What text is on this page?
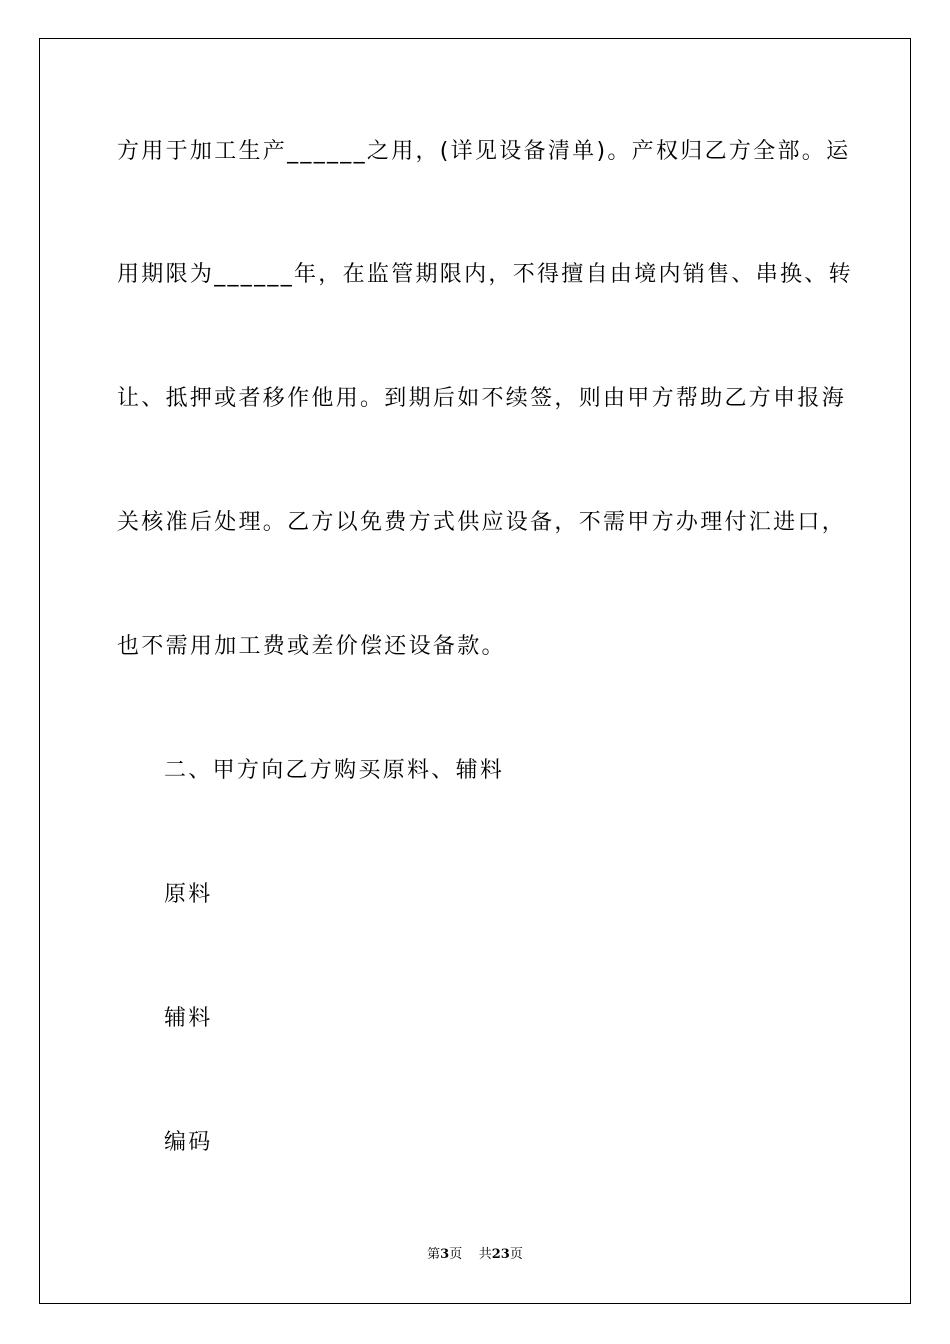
方用于加工生产______之用，(详见设备清单)。产权归乙方全部。运
用期限为______年，在监管期限内，不得擅自由境内销售、串换、转
让、抵押或者移作他用。到期后如不续签，则由甲方帮助乙方申报海
关核准后处理。乙方以免费方式供应设备，不需甲方办理付汇进口，
也不需用加工费或差价偿还设备款。
二、甲方向乙方购买原料、辅料
原料
辅料
编码
第3页 共23页
